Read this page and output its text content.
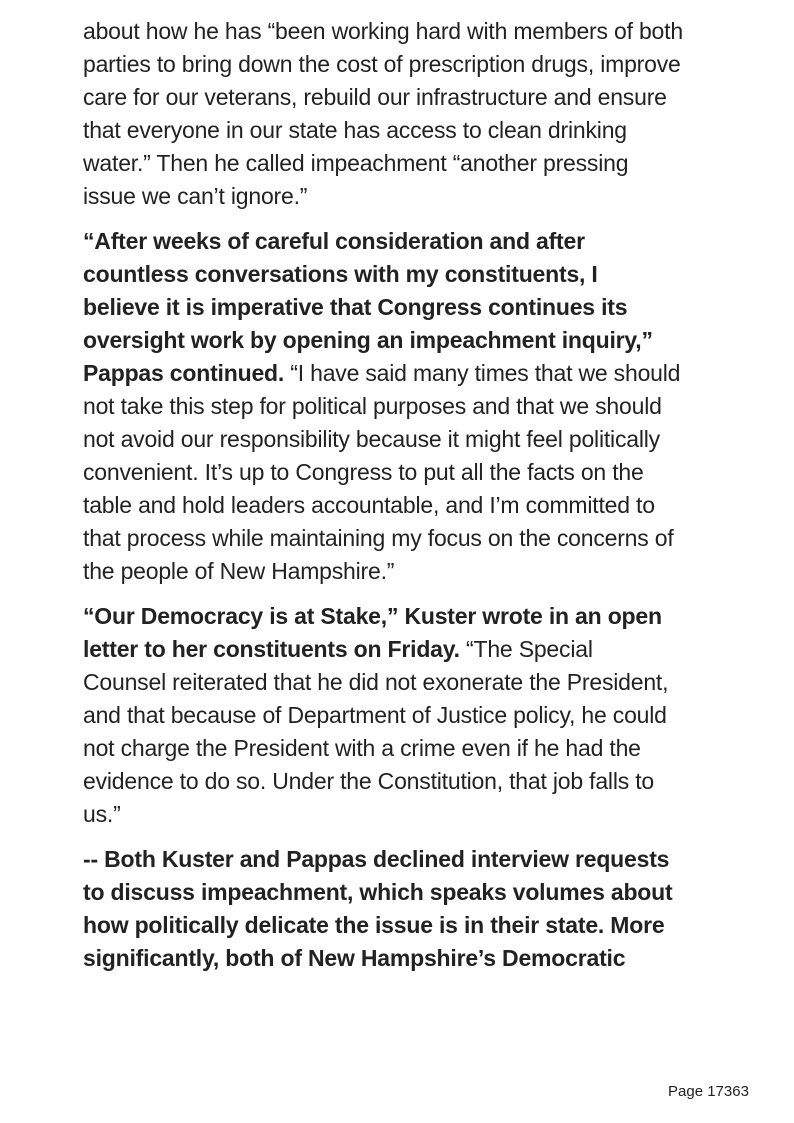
about how he has “been working hard with members of both
parties to bring down the cost of prescription drugs, improve
care for our veterans, rebuild our infrastructure and ensure
that everyone in our state has access to clean drinking
water.” Then he called impeachment “another pressing
issue we can’t ignore.”

“After weeks of careful consideration and after
countless conversations with my constituents, I
believe it is imperative that Congress continues its
oversight work by opening an impeachment inquiry,”
Pappas continued. “I have said many times that we should
not take this step for political purposes and that we should
not avoid our responsibility because it might feel politically
convenient. It’s up to Congress to put all the facts on the
table and hold leaders accountable, and I’m committed to
that process while maintaining my focus on the concerns of
the people of New Hampshire.”

“Our Democracy is at Stake,” Kuster wrote in an open
letter to her constituents on Friday. “The Special
Counsel reiterated that he did not exonerate the President,
and that because of Department of Justice policy, he could
not charge the President with a crime even if he had the
evidence to do so. Under the Constitution, that job falls to
us.”

-- Both Kuster and Pappas declined interview requests
to discuss impeachment, which speaks volumes about
how politically delicate the issue is in their state. More
significantly, both of New Hampshire’s Democratic

Page 17363
